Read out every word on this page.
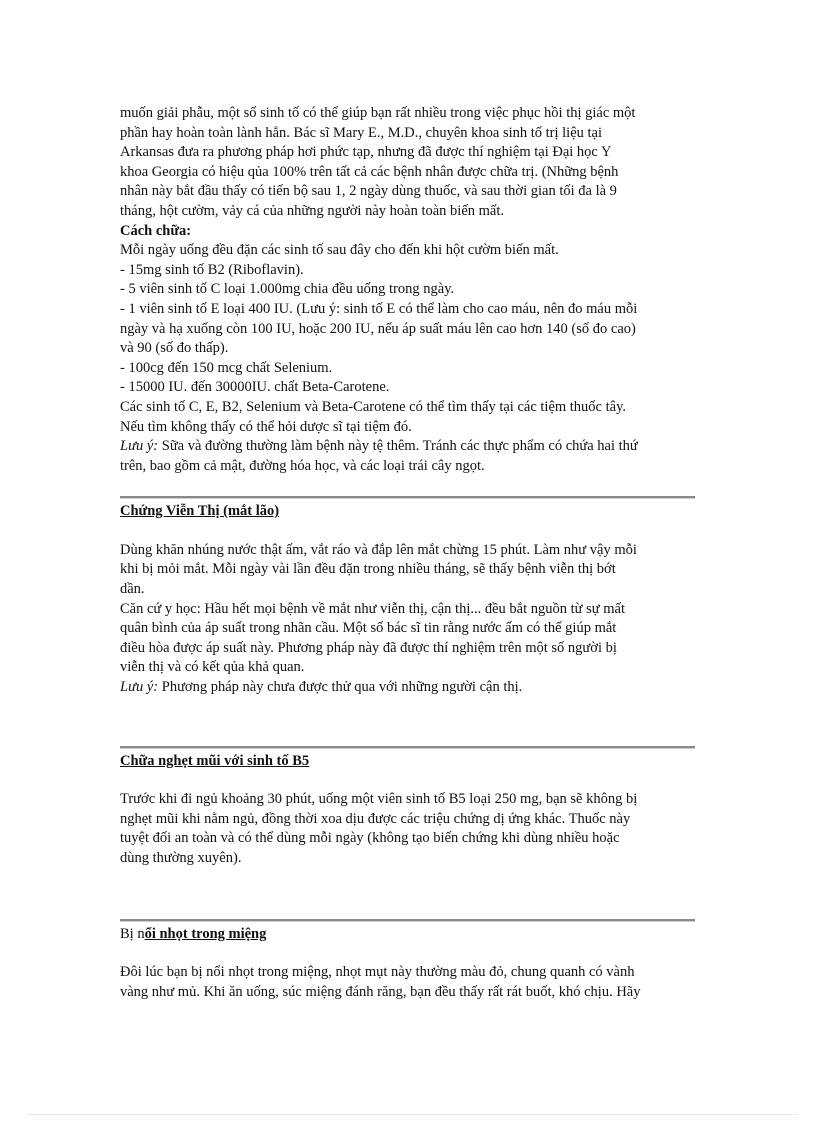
muốn giải phẫu, một số sinh tố có thể giúp bạn rất nhiều trong việc phục hồi thị giác một
phần hay hoàn toàn lành hẳn. Bác sĩ Mary E., M.D., chuyên khoa sinh tố trị liệu tại
Arkansas đưa ra phương pháp hơi phức tạp, nhưng đã được thí nghiệm tại Đại học Y
khoa Georgia có hiệu qủa 100% trên tất cả các bệnh nhân được chữa trị. (Những bệnh
nhân này bắt đầu thấy có tiến bộ sau 1, 2 ngày dùng thuốc, và sau thời gian tối đa là 9
tháng, hột cườm, vảy cá của những người này hoàn toàn biến mất.
Cách chữa:
Mỗi ngày uống đều đặn các sinh tố sau đây cho đến khi hột cườm biến mất.
- 15mg sinh tố B2 (Riboflavin).
- 5 viên sinh tố C loại 1.000mg chia đều uống trong ngày.
- 1 viên sinh tố E loại 400 IU. (Lưu ý: sinh tố E có thể làm cho cao máu, nên đo máu mỗi
ngày và hạ xuống còn 100 IU, hoặc 200 IU, nếu áp suất máu lên cao hơn 140 (số đo cao)
và 90 (số đo thấp).
- 100cg đến 150 mcg chất Selenium.
- 15000 IU. đến 30000IU. chất Beta-Carotene.
Các sinh tố C, E, B2, Selenium và Beta-Carotene có thể tìm thấy tại các tiệm thuốc tây.
Nếu tìm không thấy có thể hỏi dược sĩ tại tiệm đó.
Lưu ý: Sữa và đường thường làm bệnh này tệ thêm. Tránh các thực phẩm có chứa hai thứ
trên, bao gồm cả mật, đường hóa học, và các loại trái cây ngọt.
Chứng Viễn Thị (mắt lão)
Dùng khăn nhúng nước thật ấm, vắt ráo và đắp lên mắt chừng 15 phút. Làm như vậy mỗi
khi bị mỏi mắt. Mỗi ngày vài lần đều đặn trong nhiều tháng, sẽ thấy bệnh viễn thị bớt
dần.
Căn cứ y học: Hầu hết mọi bệnh về mắt như viễn thị, cận thị... đều bắt nguồn từ sự mất
quân bình của áp suất trong nhãn cầu. Một số bác sĩ tin rằng nước ấm có thể giúp mắt
điều hòa được áp suất này. Phương pháp này đã được thí nghiệm trên một số người bị
viễn thị và có kết qủa khả quan.
Lưu ý: Phương pháp này chưa được thử qua với những người cận thị.
Chữa nghẹt mũi với sinh tố B5
Trước khi đi ngủ khoảng 30 phút, uống một viên sinh tố B5 loại 250 mg, bạn sẽ không bị
nghẹt mũi khi nằm ngủ, đồng thời xoa dịu được các triệu chứng dị ứng khác. Thuốc này
tuyệt đối an toàn và có thể dùng mỗi ngày (không tạo biến chứng khi dùng nhiều hoặc
dùng thường xuyên).
Bị nổi nhọt trong miệng
Đôi lúc bạn bị nổi nhọt trong miệng, nhọt mụt này thường màu đỏ, chung quanh có vành
vàng như mủ. Khi ăn uống, súc miệng đánh răng, bạn đều thấy rất rát buốt, khó chịu. Hãy
